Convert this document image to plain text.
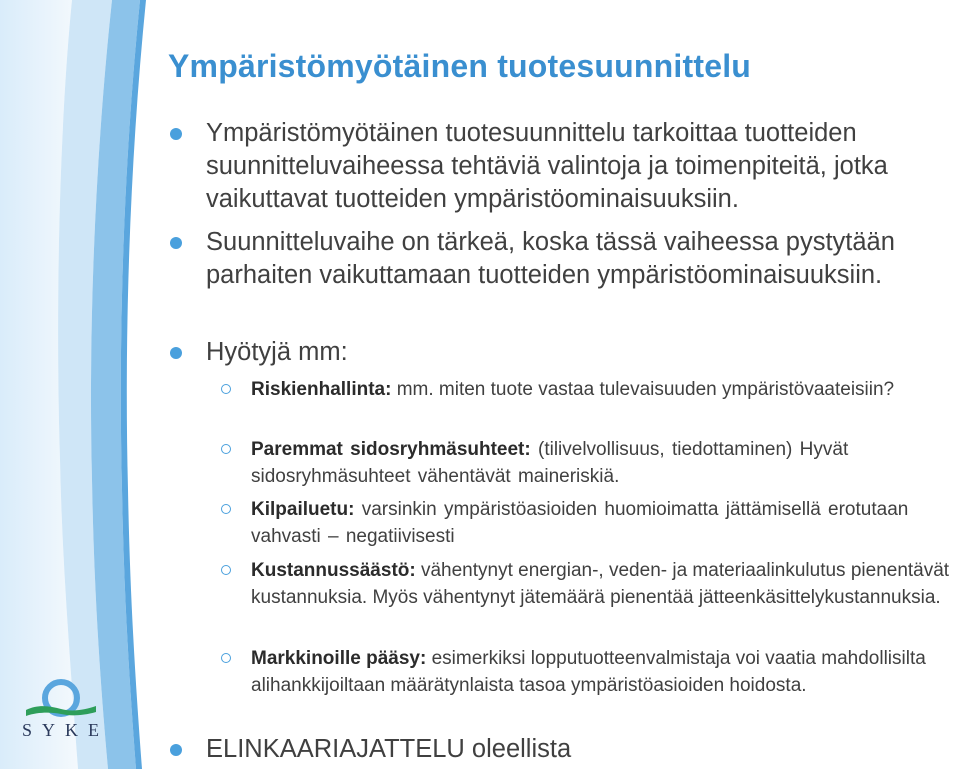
Ympäristömyötäinen tuotesuunnittelu
Ympäristömyötäinen tuotesuunnittelu tarkoittaa tuotteiden suunnitteluvaiheessa tehtäviä valintoja ja toimenpiteitä, jotka vaikuttavat tuotteiden ympäristöominaisuuksiin.
Suunnitteluvaihe on tärkeä, koska tässä vaiheessa pystytään parhaiten vaikuttamaan tuotteiden ympäristöominaisuuksiin.
Hyötyjä mm:
Riskienhallinta: mm. miten tuote vastaa tulevaisuuden ympäristövaateisiin?
Paremmat sidosryhmäsuhteet: (tilivelvollisuus, tiedottaminen) Hyvät sidosryhmäsuhteet vähentävät maineriskiä.
Kilpailuetu: varsinkin ympäristöasioiden huomioimatta jättämisellä erotutaan vahvasti – negatiivisesti
Kustannussäästö: vähentynyt energian-, veden- ja materiaalinkulutus pienentävät kustannuksia. Myös vähentynyt jätemäärä pienentää jätteenkäsittelykustannuksia.
Markkinoille pääsy: esimerkiksi lopputuotteenvalmistaja voi vaatia mahdollisilta alihankkijoiltaan määrätynlaista tasoa ympäristöasioiden hoidosta.
ELINKAARIAJATTELU oleellista
SYKE
